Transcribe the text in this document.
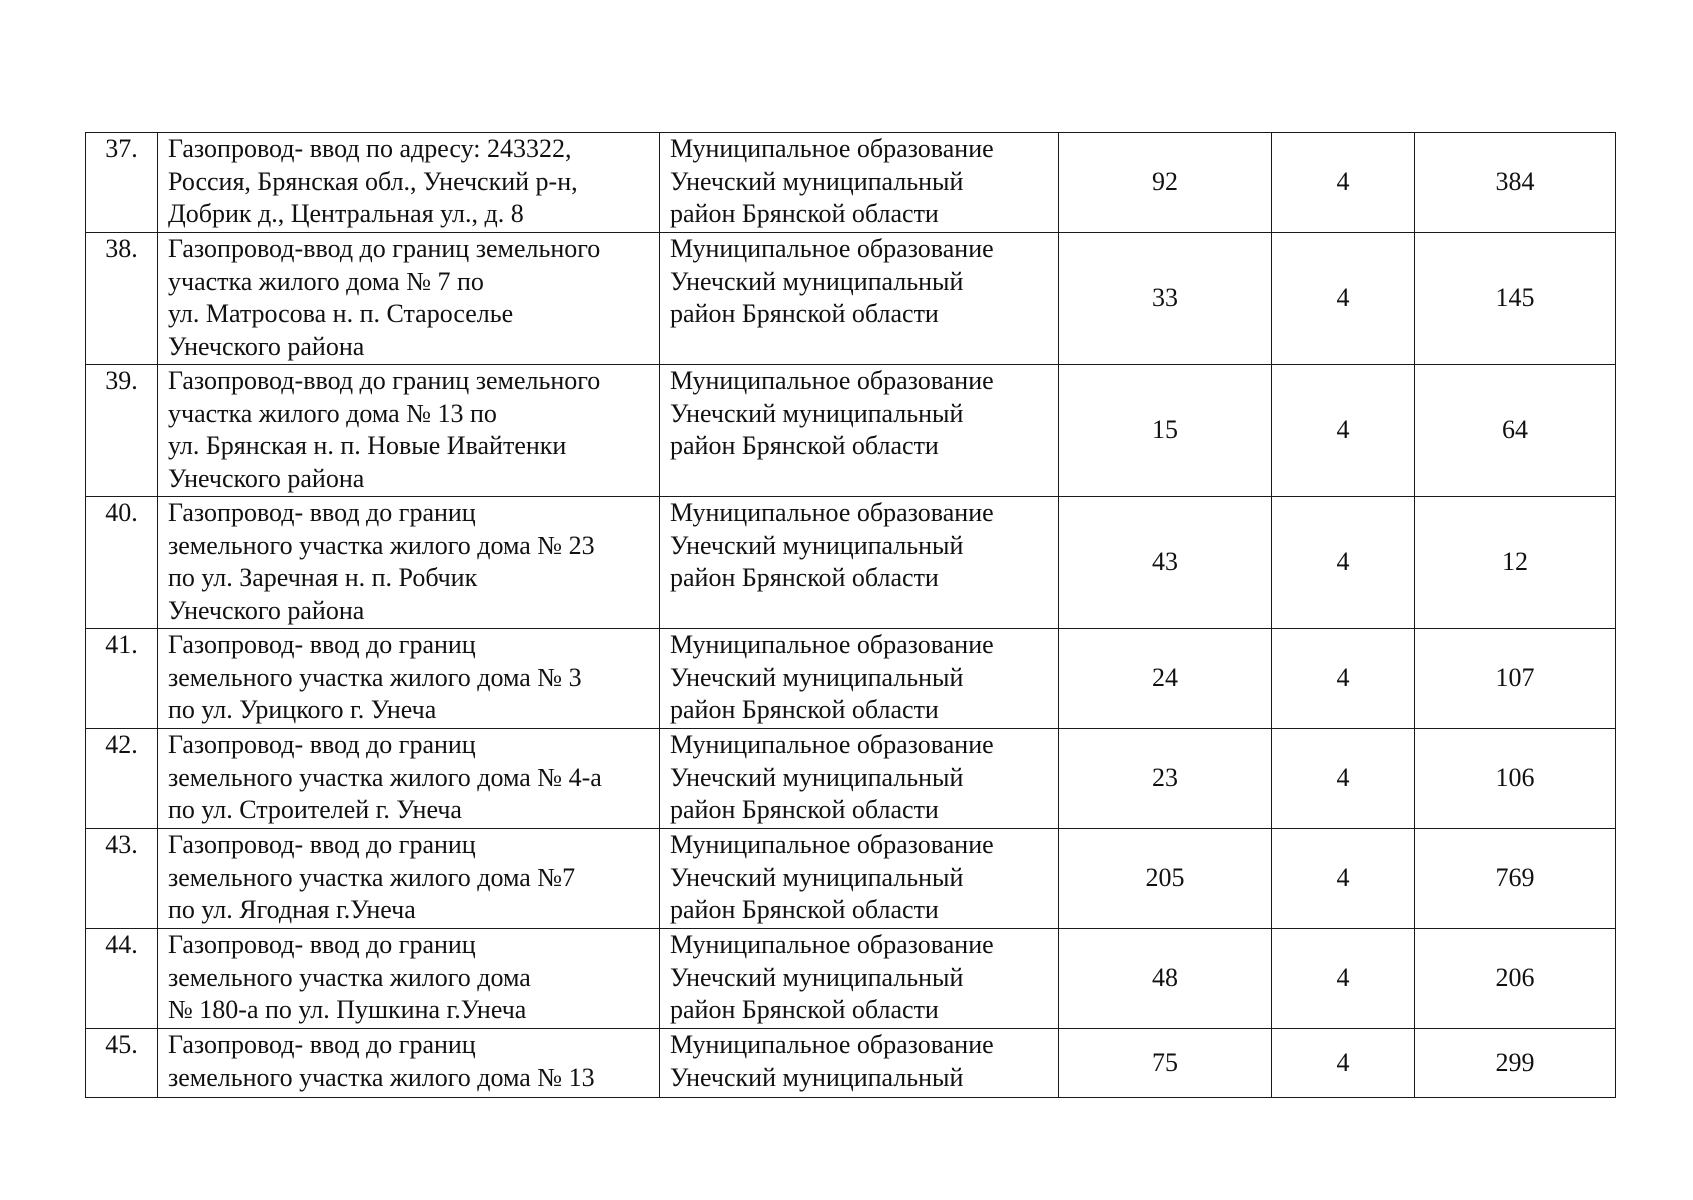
37.	Газопровод- ввод по адресу: 243322,
Россия, Брянская обл., Унечский р-н,
Добрик д., Центральная ул., д. 8	Муниципальное образование
Унечский муниципальный
район Брянской области	92	4	384
38.	Газопровод-ввод до границ земельного
участка жилого дома № 7 по
ул. Матросова н. п. Староселье
Унечского района	Муниципальное образование
Унечский муниципальный
район Брянской области	33	4	145
39.	Газопровод-ввод до границ земельного
участка жилого дома № 13 по
ул. Брянская н. п. Новые Ивайтенки
Унечского района	Муниципальное образование
Унечский муниципальный
район Брянской области	15	4	64
40.	Газопровод- ввод до границ
земельного участка жилого дома № 23
по ул. Заречная н. п. Робчик
Унечского района	Муниципальное образование
Унечский муниципальный
район Брянской области	43	4	12
41.	Газопровод- ввод до границ
земельного участка жилого дома № 3
по ул. Урицкого г. Унеча	Муниципальное образование
Унечский муниципальный
район Брянской области	24	4	107
42.	Газопровод- ввод до границ
земельного участка жилого дома № 4-а
по ул. Строителей г. Унеча	Муниципальное образование
Унечский муниципальный
район Брянской области	23	4	106
43.	Газопровод- ввод до границ
земельного участка жилого дома №7
по ул. Ягодная г.Унеча	Муниципальное образование
Унечский муниципальный
район Брянской области	205	4	769
44.	Газопровод- ввод до границ
земельного участка жилого дома
№ 180-а по ул. Пушкина г.Унеча	Муниципальное образование
Унечский муниципальный
район Брянской области	48	4	206
45.	Газопровод- ввод до границ
земельного участка жилого дома № 13	Муниципальное образование
Унечский муниципальный	75	4	299
